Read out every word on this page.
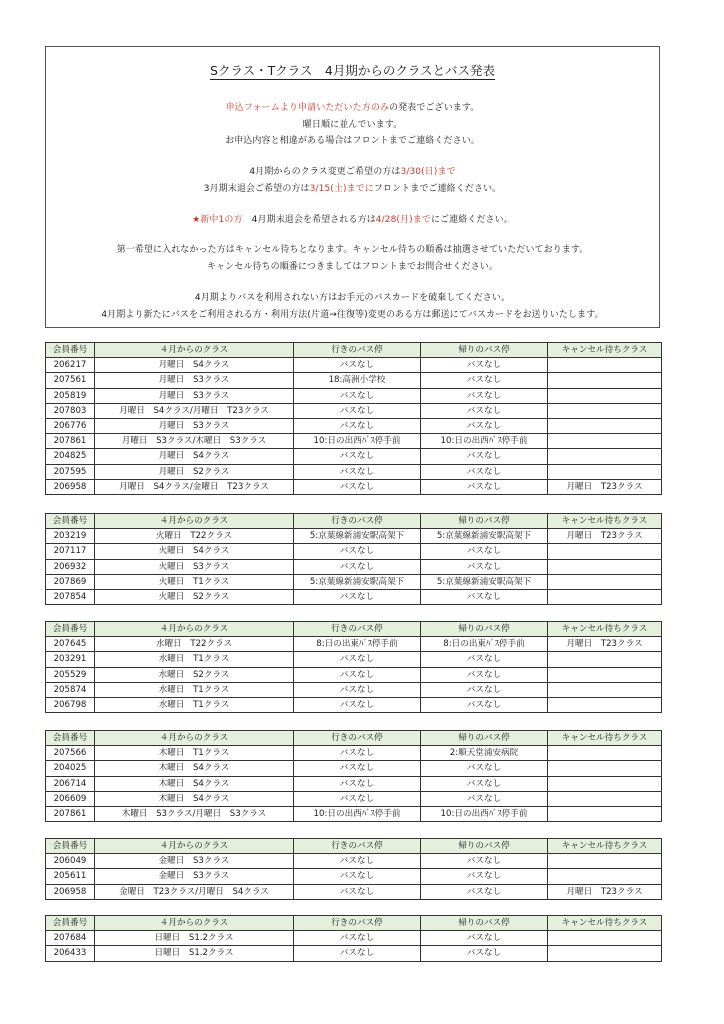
Sクラス・Tクラス　4月期からのクラスとバス発表
申込フォームより申請いただいた方のみの発表でございます。
曜日順に並んでいます。
お申込内容と相違がある場合はフロントまでご連絡ください。
4月期からのクラス変更ご希望の方は3/30(日)まで
3月期末退会ご希望の方は3/15(土)までにフロントまでご連絡ください。
★新中1の方　4月期末退会を希望される方は4/28(月)までにご連絡ください。
第一希望に入れなかった方はキャンセル待ちとなります。キャンセル待ちの順番は抽選させていただいております。
キャンセル待ちの順番につきましてはフロントまでお問合せください。
4月期よりバスを利用されない方はお手元のバスカードを破棄してください。
4月期より新たにバスをご利用される方・利用方法(片道→往復等)変更のある方は郵送にてバスカードをお送りいたします。
会員番号	４月からのクラス	行きのバス停	帰りのバス停	キャンセル待ちクラス
206217	月曜日　S4クラス	バスなし	バスなし	
207561	月曜日　S3クラス	18:高洲小学校	バスなし	
205819	月曜日　S3クラス	バスなし	バスなし	
207803	月曜日　S4クラス/月曜日　T23クラス	バスなし	バスなし	
206776	月曜日　S3クラス	バスなし	バスなし	
207861	月曜日　S3クラス/木曜日　S3クラス	10:日の出西ﾊﾞｽ停手前	10:日の出西ﾊﾞｽ停手前	
204825	月曜日　S4クラス	バスなし	バスなし	
207595	月曜日　S2クラス	バスなし	バスなし	
206958	月曜日　S4クラス/金曜日　T23クラス	バスなし	バスなし	月曜日　T23クラス
会員番号	４月からのクラス	行きのバス停	帰りのバス停	キャンセル待ちクラス
203219	火曜日　T22クラス	5:京葉線新浦安駅高架下	5:京葉線新浦安駅高架下	月曜日　T23クラス
207117	火曜日　S4クラス	バスなし	バスなし	
206932	火曜日　S3クラス	バスなし	バスなし	
207869	火曜日　T1クラス	5:京葉線新浦安駅高架下	5:京葉線新浦安駅高架下	
207854	火曜日　S2クラス	バスなし	バスなし	
会員番号	４月からのクラス	行きのバス停	帰りのバス停	キャンセル待ちクラス
207645	水曜日　T22クラス	8:日の出東ﾊﾞｽ停手前	8:日の出東ﾊﾞｽ停手前	月曜日　T23クラス
203291	水曜日　T1クラス	バスなし	バスなし	
205529	水曜日　S2クラス	バスなし	バスなし	
205874	水曜日　T1クラス	バスなし	バスなし	
206798	水曜日　T1クラス	バスなし	バスなし	
会員番号	４月からのクラス	行きのバス停	帰りのバス停	キャンセル待ちクラス
207566	木曜日　T1クラス	バスなし	2:順天堂浦安病院	
204025	木曜日　S4クラス	バスなし	バスなし	
206714	木曜日　S4クラス	バスなし	バスなし	
206609	木曜日　S4クラス	バスなし	バスなし	
207861	木曜日　S3クラス/月曜日　S3クラス	10:日の出西ﾊﾞｽ停手前	10:日の出西ﾊﾞｽ停手前	
会員番号	４月からのクラス	行きのバス停	帰りのバス停	キャンセル待ちクラス
206049	金曜日　S3クラス	バスなし	バスなし	
205611	金曜日　S3クラス	バスなし	バスなし	
206958	金曜日　T23クラス/月曜日　S4クラス	バスなし	バスなし	月曜日　T23クラス
会員番号	４月からのクラス	行きのバス停	帰りのバス停	キャンセル待ちクラス
207684	日曜日　S1.2クラス	バスなし	バスなし	
206433	日曜日　S1.2クラス	バスなし	バスなし	
